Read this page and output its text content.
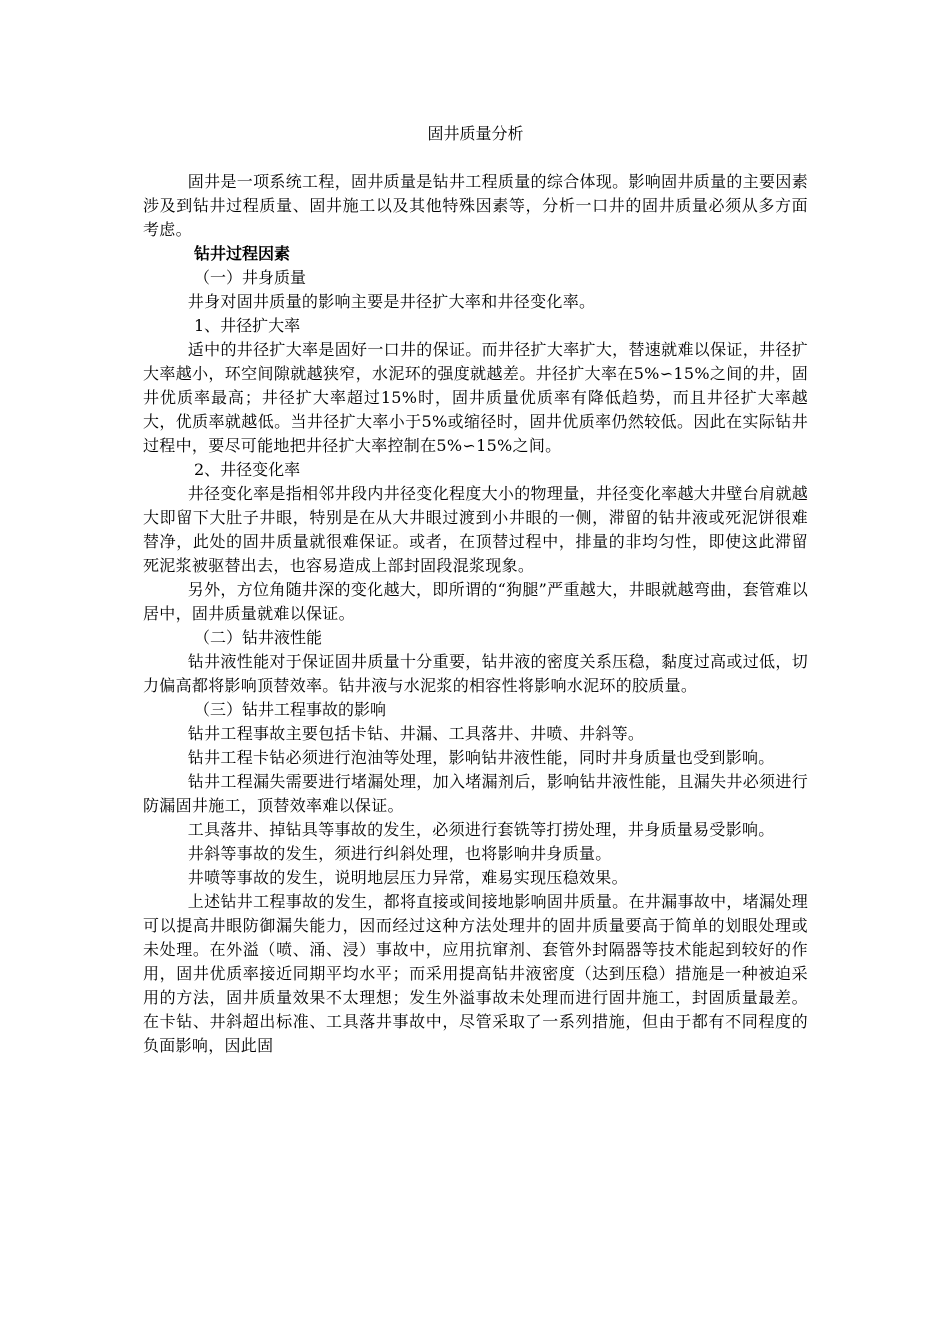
固井质量分析

固井是一项系统工程，固井质量是钻井工程质量的综合体现。影响固井质量的主要因素涉及到钻井过程质量、固井施工以及其他特殊因素等，分析一口井的固井质量必须从多方面考虑。

钻井过程因素

（一）井身质量

井身对固井质量的影响主要是井径扩大率和井径变化率。

1、井径扩大率

适中的井径扩大率是固好一口井的保证。而井径扩大率扩大，替速就难以保证，井径扩大率越小，环空间隙就越狭窄，水泥环的强度就越差。井径扩大率在5%∽15%之间的井，固井优质率最高；井径扩大率超过15%时，固井质量优质率有降低趋势，而且井径扩大率越大，优质率就越低。当井径扩大率小于5%或缩径时，固井优质率仍然较低。因此在实际钻井过程中，要尽可能地把井径扩大率控制在5%∽15%之间。

2、井径变化率

井径变化率是指相邻井段内井径变化程度大小的物理量，井径变化率越大井壁台肩就越大即留下大肚子井眼，特别是在从大井眼过渡到小井眼的一侧，滞留的钻井液或死泥饼很难替净，此处的固井质量就很难保证。或者，在顶替过程中，排量的非均匀性，即使这此滞留死泥浆被驱替出去，也容易造成上部封固段混浆现象。

另外，方位角随井深的变化越大，即所谓的“狗腿”严重越大，井眼就越弯曲，套管难以居中，固井质量就难以保证。

（二）钻井液性能

钻井液性能对于保证固井质量十分重要，钻井液的密度关系压稳，黏度过高或过低，切力偏高都将影响顶替效率。钻井液与水泥浆的相容性将影响水泥环的胶质量。

（三）钻井工程事故的影响

钻井工程事故主要包括卡钻、井漏、工具落井、井喷、井斜等。

钻井工程卡钻必须进行泡油等处理，影响钻井液性能，同时井身质量也受到影响。

钻井工程漏失需要进行堵漏处理，加入堵漏剂后，影响钻井液性能，且漏失井必须进行防漏固井施工，顶替效率难以保证。

工具落井、掉钻具等事故的发生，必须进行套铣等打捞处理，井身质量易受影响。

井斜等事故的发生，须进行纠斜处理，也将影响井身质量。

井喷等事故的发生，说明地层压力异常，难易实现压稳效果。

上述钻井工程事故的发生，都将直接或间接地影响固井质量。在井漏事故中，堵漏处理可以提高井眼防御漏失能力，因而经过这种方法处理井的固井质量要高于简单的划眼处理或未处理。在外溢（喷、涌、浸）事故中，应用抗窜剂、套管外封隔器等技术能起到较好的作用，固井优质率接近同期平均水平；而采用提高钻井液密度（达到压稳）措施是一种被迫采用的方法，固井质量效果不太理想；发生外溢事故未处理而进行固井施工，封固质量最差。在卡钻、井斜超出标准、工具落井事故中，尽管采取了一系列措施，但由于都有不同程度的负面影响，因此固
